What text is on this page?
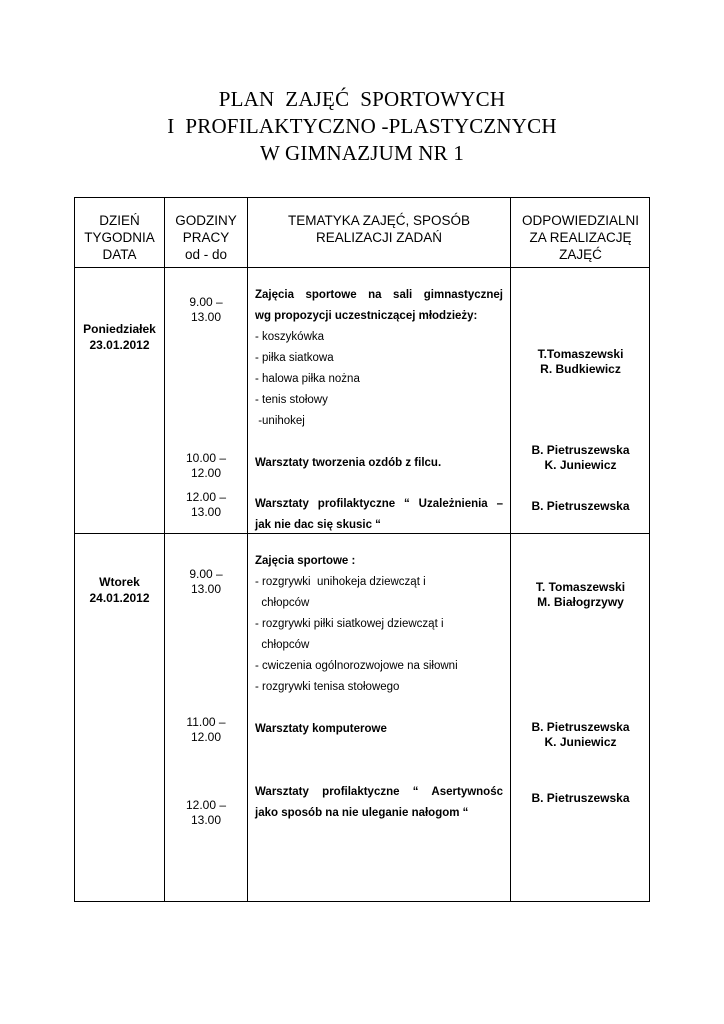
PLAN  ZAJĘĆ  SPORTOWYCH
I  PROFILAKTYCZNO -PLASTYCZNYCH
W GIMNAZJUM NR 1
DZIEŃ
TYGODNIA
DATA
GODZINY
PRACY
od - do
TEMATYKA ZAJĘĆ, SPOSÓB
REALIZACJI ZADAŃ
ODPOWIEDZIALNI
ZA REALIZACJĘ
ZAJĘĆ
Poniedziałek
23.01.2012
9.00 –
13.00
Zajęcia sportowe na sali gimnastycznej
wg propozycji uczestniczącej młodzieży:
- koszykówka
- piłka siatkowa
- halowa piłka nożna
- tenis stołowy
-unihokej
T.Tomaszewski
R. Budkiewicz
10.00 –
12.00
Warsztaty tworzenia ozdób z filcu.
B. Pietruszewska
K. Juniewicz
12.00 –
13.00
Warsztaty profilaktyczne “ Uzależnienia –
jak nie dac się skusic “
B. Pietruszewska
Wtorek
24.01.2012
9.00 –
13.00
Zajęcia sportowe :
- rozgrywki  unihokeja dziewcząt i
chłopców
- rozgrywki piłki siatkowej dziewcząt i
chłopców
- cwiczenia ogólnorozwojowe na siłowni
- rozgrywki tenisa stołowego
T. Tomaszewski
M. Białogrzywy
11.00 –
12.00
Warsztaty komputerowe	B. Pietruszewska
K. Juniewicz
12.00 –
13.00
Warsztaty profilaktyczne “ Asertywnośc
jako sposób na nie uleganie nałogom “
B. Pietruszewska
